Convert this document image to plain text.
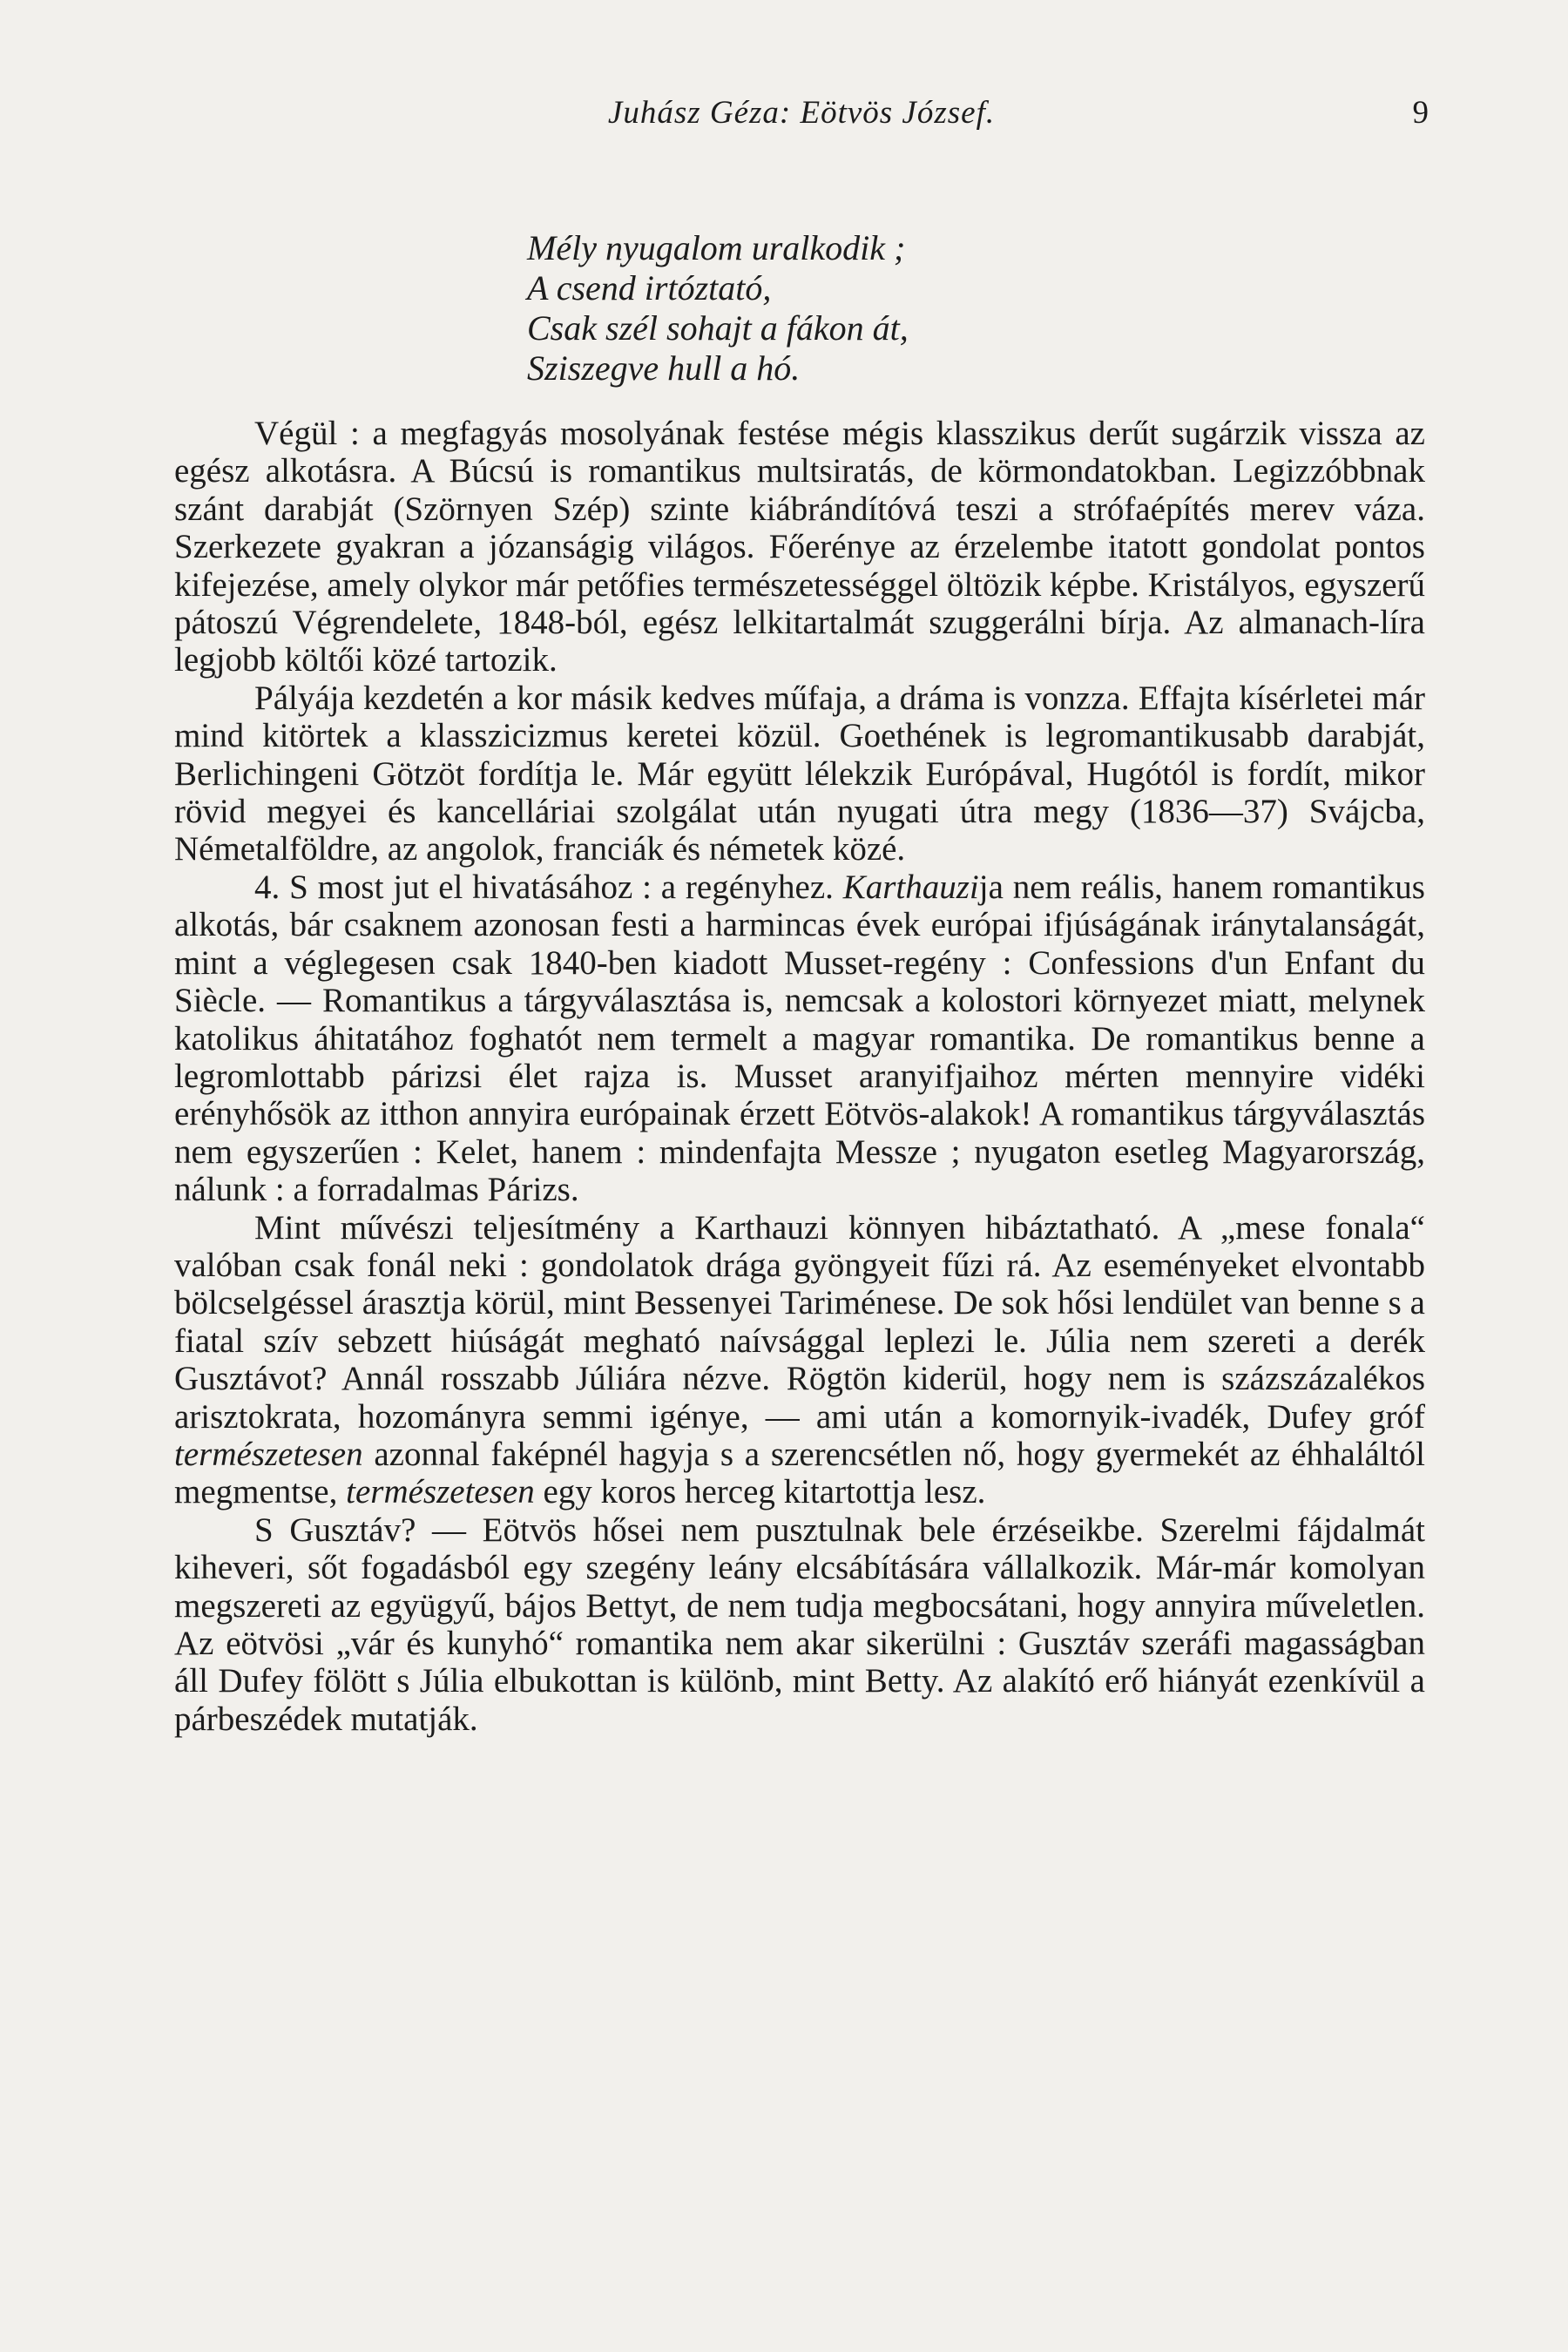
Juhász Géza: Eötvös József.	9
Mély nyugalom uralkodik ;
A csend irtóztató,
Csak szél sohajt a fákon át,
Sziszegve hull a hó.

Végül : a megfagyás mosolyának festése mégis klasszikus derűt sugárzik vissza az egész alkotásra. A Búcsú is romantikus multsiratás, de körmondatokban. Legizzóbbnak szánt darabját (Szörnyen Szép) szinte kiábrándítóvá teszi a strófaépítés merev váza. Szerkezete gyakran a józanságig világos. Főerénye az érzelembe itatott gondolat pontos kifejezése, amely olykor már petőfies természetességgel öltözik képbe. Kristályos, egyszerű pátoszú Végrendelete, 1848-ból, egész lelkitartalmát szuggerálni bírja. Az almanach-líra legjobb költői közé tartozik.

Pályája kezdetén a kor másik kedves műfaja, a dráma is vonzza. Effajta kísérletei már mind kitörtek a klasszicizmus keretei közül. Goethének is legromantikusabb darabját, Berlichingeni Götzöt fordítja le. Már együtt lélekzik Európával, Hugótól is fordít, mikor rövid megyei és kancelláriai szolgálat után nyugati útra megy (1836—37) Svájcba, Németalföldre, az angolok, franciák és németek közé.

4. S most jut el hivatásához : a regényhez. Karthauzija nem reális, hanem romantikus alkotás, bár csaknem azonosan festi a harmincas évek európai ifjúságának iránytalanságát, mint a véglegesen csak 1840-ben kiadott Musset-regény : Confessions d'un Enfant du Siècle. — Romantikus a tárgyválasztása is, nemcsak a kolostori környezet miatt, melynek katolikus áhitatához foghatót nem termelt a magyar romantika. De romantikus benne a legromlottabb párizsi élet rajza is. Musset aranyifjaihoz mérten mennyire vidéki erényhősök az itthon annyira európainak érzett Eötvös-alakok! A romantikus tárgyválasztás nem egyszerűen : Kelet, hanem : mindenfajta Messze ; nyugaton esetleg Magyarország, nálunk : a forradalmas Párizs.

Mint művészi teljesítmény a Karthauzi könnyen hibáztatható. A „mese fonala“ valóban csak fonál neki : gondolatok drága gyöngyeit fűzi rá. Az eseményeket elvontabb bölcselgéssel árasztja körül, mint Bessenyei Tariménese. De sok hősi lendület van benne s a fiatal szív sebzett hiúságát megható naívsággal leplezi le. Júlia nem szereti a derék Gusztávot? Annál rosszabb Júliára nézve. Rögtön kiderül, hogy nem is százszázalékos arisztokrata, hozományra semmi igénye, — ami után a komornyik-ivadék, Dufey gróf természetesen azonnal faképnél hagyja s a szerencsétlen nő, hogy gyermekét az éhhaláltól megmentse, természetesen egy koros herceg kitartottja lesz.

S Gusztáv? — Eötvös hősei nem pusztulnak bele érzéseikbe. Szerelmi fájdalmát kiheveri, sőt fogadásból egy szegény leány elcsábítására vállalkozik. Már-már komolyan megszereti az együgyű, bájos Bettyt, de nem tudja megbocsátani, hogy annyira műveletlen. Az eötvösi „vár és kunyhó“ romantika nem akar sikerülni : Gusztáv szeráfi magasságban áll Dufey fölött s Júlia elbukottan is különb, mint Betty. Az alakító erő hiányát ezenkívül a párbeszédek mutatják.
